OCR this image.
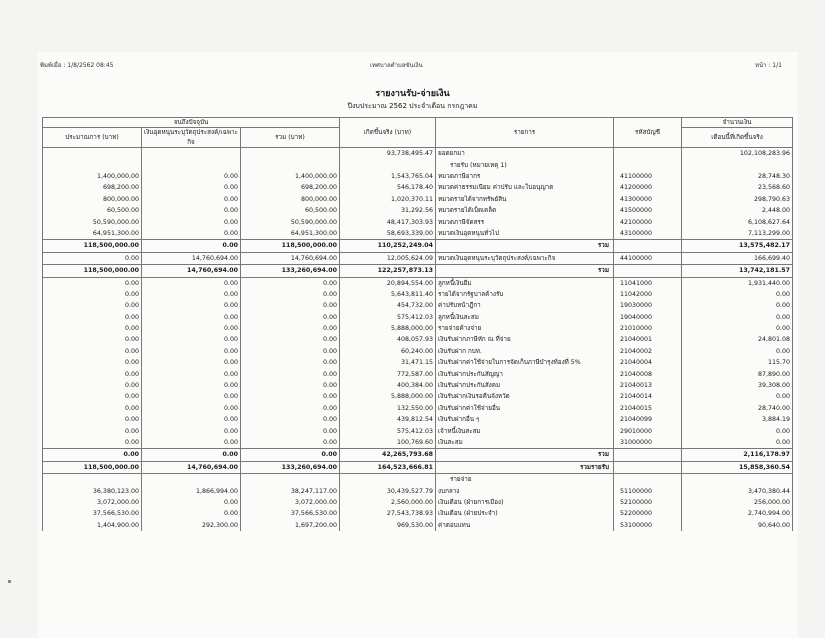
พิมพ์เมื่อ : 1/8/2562 08:45	เทศบาลตำบลขันเงิน	หน้า : 1/1
รายงานรับ-จ่ายเงิน
ปีงบประมาณ 2562 ประจำเดือน กรกฎาคม
จนถึงปัจจุบัน			เกิดขึ้นจริง (บาท)	รายการ	รหัสบัญชี	จำนวนเงิน
ประมาณการ (บาท)	เงินอุดหนุนระบุวัตถุประสงค์/เฉพาะกิจ	รวม (บาท)				เดือนนี้ที่เกิดขึ้นจริง
			93,738,495.47	ยอดยกมา		102,108,283.96
				รายรับ (หมายเหตุ 1)		
1,400,000.00	0.00	1,400,000.00	1,543,765.04	หมวดภาษีอากร	41100000	28,748.30
698,200.00	0.00	698,200.00	546,178.40	หมวดค่าธรรมเนียม ค่าปรับ และใบอนุญาต	41200000	23,568.60
800,000.00	0.00	800,000.00	1,020,370.11	หมวดรายได้จากทรัพย์สิน	41300000	298,790.63
60,500.00	0.00	60,500.00	31,292.56	หมวดรายได้เบ็ดเตล็ด	41500000	2,448.00
50,590,000.00	0.00	50,590,000.00	48,417,303.93	หมวดภาษีจัดสรร	42100000	6,108,627.64
64,951,300.00	0.00	64,951,300.00	58,693,339.00	หมวดเงินอุดหนุนทั่วไป	43100000	7,113,299.00
118,500,000.00	0.00	118,500,000.00	110,252,249.04	รวม		13,575,482.17
0.00	14,760,694.00	14,760,694.00	12,005,624.09	หมวดเงินอุดหนุนระบุวัตถุประสงค์/เฉพาะกิจ	44100000	166,699.40
118,500,000.00	14,760,694.00	133,260,694.00	122,257,873.13	รวม		13,742,181.57
0.00	0.00	0.00	20,894,554.00	ลูกหนี้เงินยืม	11041000	1,931,440.00
0.00	0.00	0.00	5,643,811.40	รายได้จากรัฐบาลค้างรับ	11042000	0.00
0.00	0.00	0.00	454,732.00	ค่าปรับหน้าฎีกา	19030000	0.00
0.00	0.00	0.00	575,412.03	ลูกหนี้เงินสะสม	19040000	0.00
0.00	0.00	0.00	5,888,000.00	รายจ่ายค้างจ่าย	21010000	0.00
0.00	0.00	0.00	408,057.93	เงินรับฝากภาษีหัก ณ ที่จ่าย	21040001	24,801.08
0.00	0.00	0.00	60,240.00	เงินรับฝาก กบท.	21040002	0.00
0.00	0.00	0.00	31,471.15	เงินรับฝากค่าใช้จ่ายในการจัดเก็บภาษีบำรุงท้องที่ 5%	21040004	115.70
0.00	0.00	0.00	772,587.00	เงินรับฝากประกันสัญญา	21040008	87,890.00
0.00	0.00	0.00	400,384.00	เงินรับฝากประกันสังคม	21040013	39,308.00
0.00	0.00	0.00	5,888,000.00	เงินรับฝากเงินรอคืนจังหวัด	21040014	0.00
0.00	0.00	0.00	132,550.00	เงินรับฝากค่าใช้จ่ายอื่น	21040015	28,740.00
0.00	0.00	0.00	439,812.54	เงินรับฝากอื่น ๆ	21040099	3,884.19
0.00	0.00	0.00	575,412.03	เจ้าหนี้เงินสะสม	29010000	0.00
0.00	0.00	0.00	100,769.60	เงินสะสม	31000000	0.00
0.00	0.00	0.00	42,265,793.68	รวม		2,116,178.97
118,500,000.00	14,760,694.00	133,260,694.00	164,523,666.81	รวมรายรับ		15,858,360.54
				รายจ่าย		
36,380,123.00	1,866,994.00	38,247,117.00	30,439,527.79	งบกลาง	51100000	3,470,380.44
3,072,000.00	0.00	3,072,000.00	2,560,000.00	เงินเดือน (ฝ่ายการเมือง)	52100000	256,000.00
37,566,530.00	0.00	37,566,530.00	27,543,738.93	เงินเดือน (ฝ่ายประจำ)	52200000	2,740,994.00
1,404,900.00	292,300.00	1,697,200.00	969,530.00	ค่าตอบแทน	53100000	90,640.00
